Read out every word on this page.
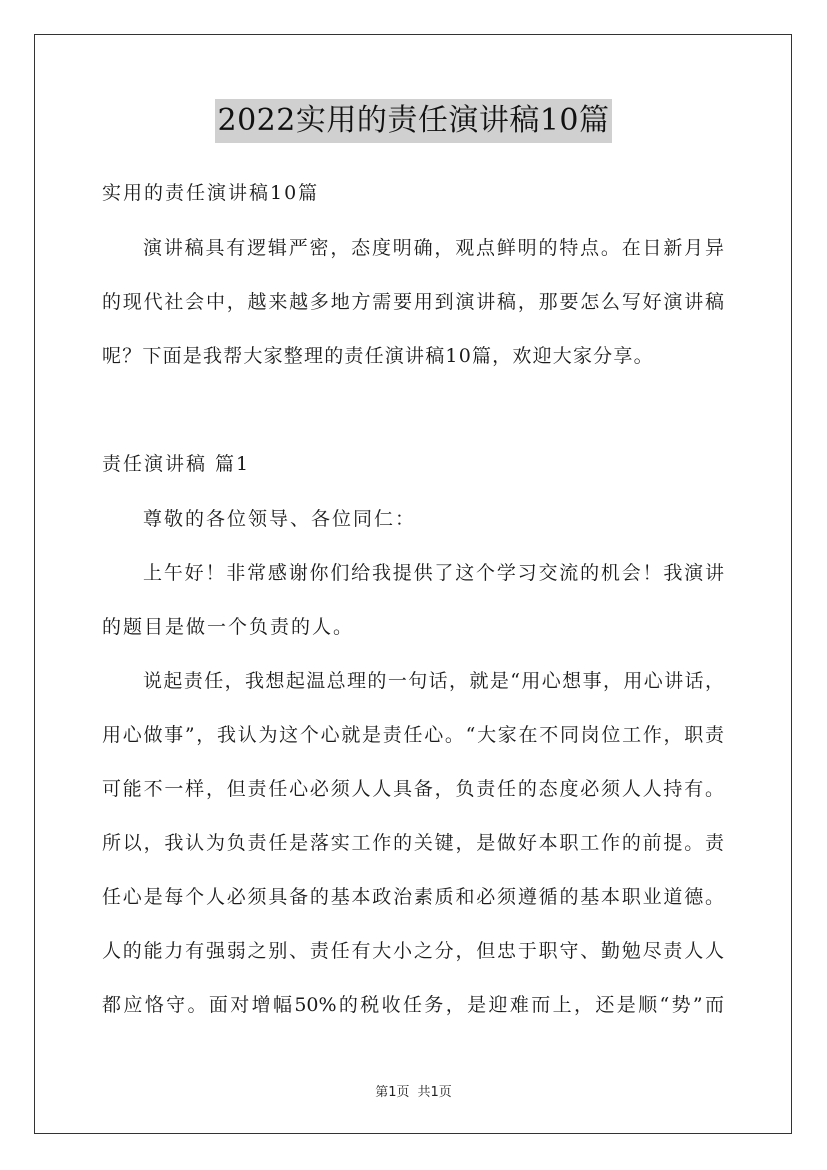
2022实用的责任演讲稿10篇
实用的责任演讲稿10篇
演讲稿具有逻辑严密，态度明确，观点鲜明的特点。在日新月异
的现代社会中，越来越多地方需要用到演讲稿，那要怎么写好演讲稿
呢？下面是我帮大家整理的责任演讲稿10篇，欢迎大家分享。
责任演讲稿 篇1
尊敬的各位领导、各位同仁：
上午好！非常感谢你们给我提供了这个学习交流的机会！我演讲
的题目是做一个负责的人。
说起责任，我想起温总理的一句话，就是“用心想事，用心讲话，
用心做事”，我认为这个心就是责任心。“大家在不同岗位工作，职责
可能不一样，但责任心必须人人具备，负责任的态度必须人人持有。
所以，我认为负责任是落实工作的关键，是做好本职工作的前提。责
任心是每个人必须具备的基本政治素质和必须遵循的基本职业道德。
人的能力有强弱之别、责任有大小之分，但忠于职守、勤勉尽责人人
都应恪守。面对增幅50%的税收任务，是迎难而上，还是顺“势”而
第1页 共1页
